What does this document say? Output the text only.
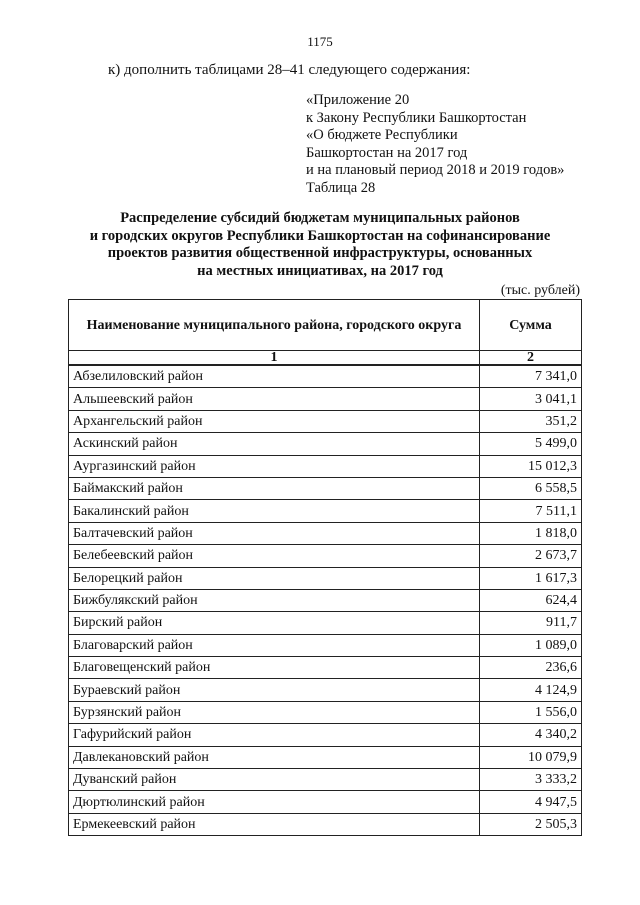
1175
к) дополнить таблицами 28–41 следующего содержания:
«Приложение 20
к Закону Республики Башкортостан
«О бюджете Республики
Башкортостан на 2017 год
и на плановый период 2018 и 2019 годов»
Таблица 28
Распределение субсидий бюджетам муниципальных районов
и городских округов Республики Башкортостан на софинансирование
проектов развития общественной инфраструктуры, основанных
на местных инициативах, на 2017 год
(тыс. рублей)
Наименование муниципального района, городского округа	Сумма
1	2
Абзелиловский район	7 341,0
Альшеевский район	3 041,1
Архангельский район	351,2
Аскинский район	5 499,0
Аургазинский район	15 012,3
Баймакский район	6 558,5
Бакалинский район	7 511,1
Балтачевский район	1 818,0
Белебеевский район	2 673,7
Белорецкий район	1 617,3
Бижбулякский район	624,4
Бирский район	911,7
Благоварский район	1 089,0
Благовещенский район	236,6
Бураевский район	4 124,9
Бурзянский район	1 556,0
Гафурийский район	4 340,2
Давлекановский район	10 079,9
Дуванский район	3 333,2
Дюртюлинский район	4 947,5
Ермекеевский район	2 505,3
